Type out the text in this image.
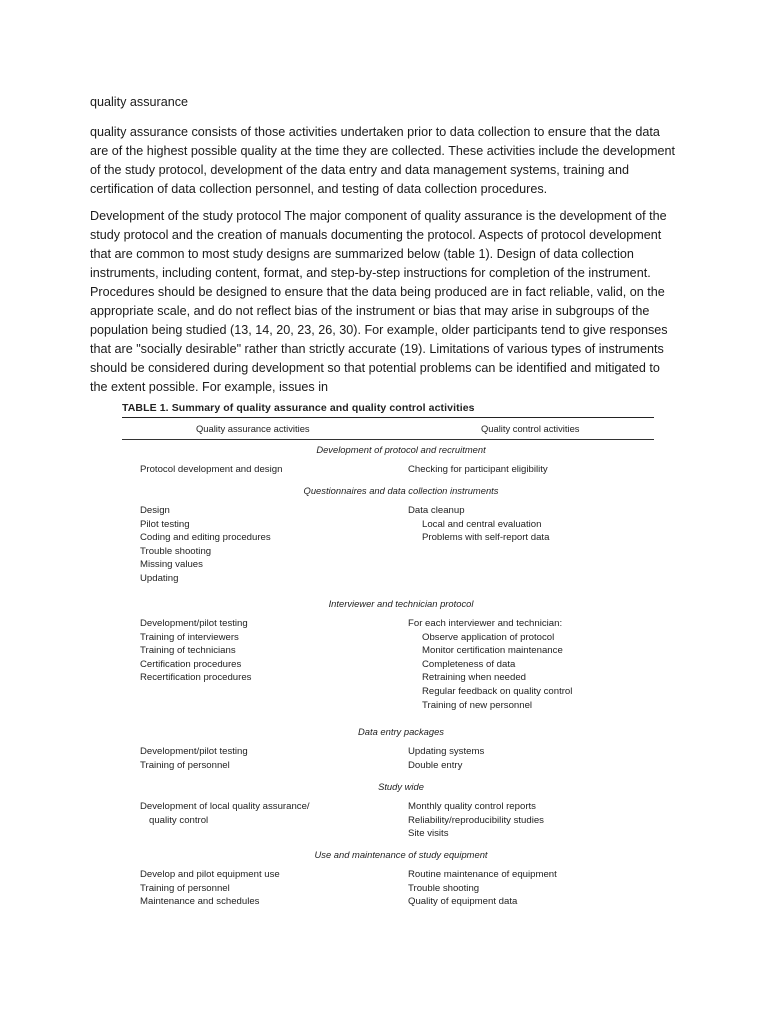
quality assurance

quality assurance consists of those activities undertaken prior to data collection to ensure that the data are of the highest possible quality at the time they are collected. These activities include the development of the study protocol, development of the data entry and data management systems, training and certification of data collection personnel, and testing of data collection procedures.

Development of the study protocol The major component of quality assurance is the development of the study protocol and the creation of manuals documenting the protocol. Aspects of protocol development that are common to most study designs are summarized below (table 1). Design of data collection instruments, including content, format, and step-by-step instructions for completion of the instrument. Procedures should be designed to ensure that the data being produced are in fact reliable, valid, on the appropriate scale, and do not reflect bias of the instrument or bias that may arise in subgroups of the population being studied (13, 14, 20, 23, 26, 30). For example, older participants tend to give responses that are "socially desirable" rather than strictly accurate (19). Limitations of various types of instruments should be considered during development so that potential problems can be identified and mitigated to the extent possible. For example, issues in

TABLE 1. Summary of quality assurance and quality control activities
Quality assurance activities	Quality control activities
Development of protocol and recruitment
Protocol development and design	Checking for participant eligibility
Questionnaires and data collection instruments
Design
Pilot testing
Coding and editing procedures
Trouble shooting
Missing values
Updating
Data cleanup
Local and central evaluation
Problems with self-report data
Interviewer and technician protocol
Development/pilot testing
Training of interviewers
Training of technicians
Certification procedures
Recertification procedures
For each interviewer and technician:
Observe application of protocol
Monitor certification maintenance
Completeness of data
Retraining when needed
Regular feedback on quality control
Training of new personnel
Data entry packages
Development/pilot testing
Training of personnel
Updating systems
Double entry
Study wide
Development of local quality assurance/
quality control
Monthly quality control reports
Reliability/reproducibility studies
Site visits
Use and maintenance of study equipment
Develop and pilot equipment use
Training of personnel
Maintenance and schedules
Routine maintenance of equipment
Trouble shooting
Quality of equipment data
